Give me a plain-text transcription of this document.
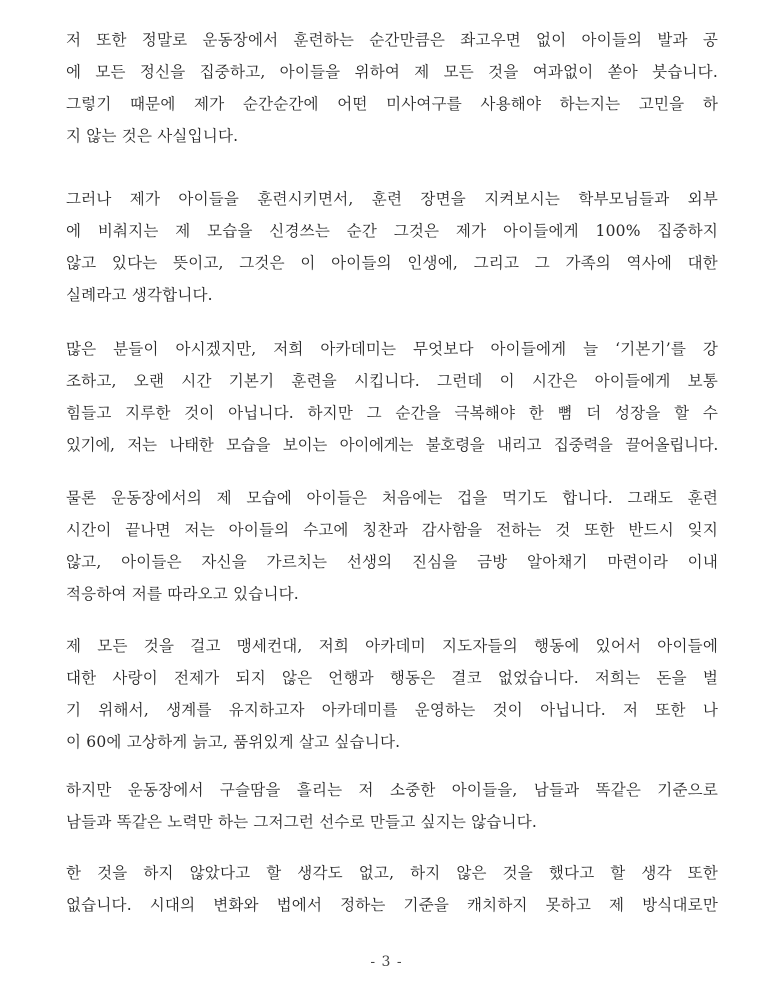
저 또한 정말로 운동장에서 훈련하는 순간만큼은 좌고우면 없이 아이들의 발과 공
에 모든 정신을 집중하고, 아이들을 위하여 제 모든 것을 여과없이 쏟아 붓습니다.
그렇기 때문에 제가 순간순간에 어떤 미사여구를 사용해야 하는지는 고민을 하
지 않는 것은 사실입니다.
그러나 제가 아이들을 훈련시키면서, 훈련 장면을 지켜보시는 학부모님들과 외부
에 비춰지는 제 모습을 신경쓰는 순간 그것은 제가 아이들에게 100% 집중하지
않고 있다는 뜻이고, 그것은 이 아이들의 인생에, 그리고 그 가족의 역사에 대한
실례라고 생각합니다.
많은 분들이 아시겠지만, 저희 아카데미는 무엇보다 아이들에게 늘 ‘기본기’를 강
조하고, 오랜 시간 기본기 훈련을 시킵니다. 그런데 이 시간은 아이들에게 보통
힘들고 지루한 것이 아닙니다. 하지만 그 순간을 극복해야 한 뼘 더 성장을 할 수
있기에, 저는 나태한 모습을 보이는 아이에게는 불호령을 내리고 집중력을 끌어올립니다.
물론 운동장에서의 제 모습에 아이들은 처음에는 겁을 먹기도 합니다. 그래도 훈련
시간이 끝나면 저는 아이들의 수고에 칭찬과 감사함을 전하는 것 또한 반드시 잊지
않고, 아이들은 자신을 가르치는 선생의 진심을 금방 알아채기 마련이라 이내
적응하여 저를 따라오고 있습니다.
제 모든 것을 걸고 맹세컨대, 저희 아카데미 지도자들의 행동에 있어서 아이들에
대한 사랑이 전제가 되지 않은 언행과 행동은 결코 없었습니다. 저희는 돈을 벌
기 위해서, 생계를 유지하고자 아카데미를 운영하는 것이 아닙니다. 저 또한 나
이 60에 고상하게 늙고, 품위있게 살고 싶습니다.
하지만 운동장에서 구슬땀을 흘리는 저 소중한 아이들을, 남들과 똑같은 기준으로
남들과 똑같은 노력만 하는 그저그런 선수로 만들고 싶지는 않습니다.
한 것을 하지 않았다고 할 생각도 없고, 하지 않은 것을 했다고 할 생각 또한
없습니다. 시대의 변화와 법에서 정하는 기준을 캐치하지 못하고 제 방식대로만
- 3 -
